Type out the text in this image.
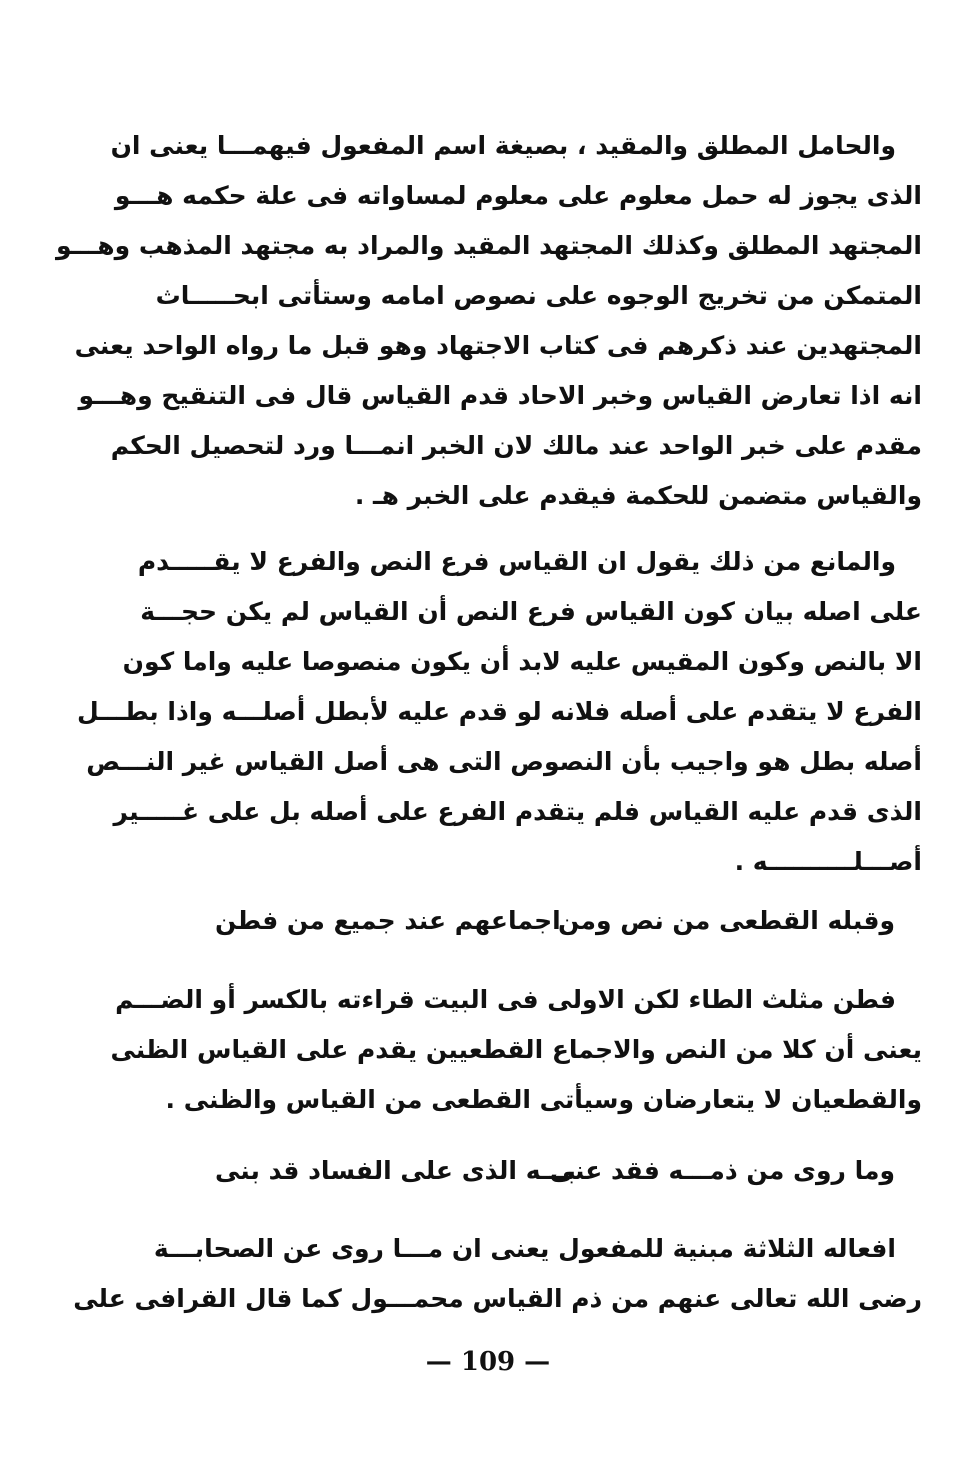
والحامل المطلق والمقيد ، بصيغة اسم المفعول فيهمـــا يعنى ان
الذى يجوز له حمل معلوم على معلوم لمساواته فى علة حكمه هـــو
المجتهد المطلق وكذلك المجتهد المقيد والمراد به مجتهد المذهب وهـــو
المتمكن من تخريج الوجوه على نصوص امامه وستأتى ابحـــــاث
المجتهدين عند ذكرهم فى كتاب الاجتهاد وهو قبل ما رواه الواحد يعنى
انه اذا تعارض القياس وخبر الاحاد قدم القياس قال فى التنقيح وهـــو
مقدم على خبر الواحد عند مالك لان الخبر انمـــا ورد لتحصيل الحكم
والقياس متضمن للحكمة فيقدم على الخبر هـ .
والمانع من ذلك يقول ان القياس فرع النص والفرع لا يقـــــدم
على اصله بيان كون القياس فرع النص أن القياس لم يكن حجـــة
الا بالنص وكون المقيس عليه لابد أن يكون منصوصا عليه واما كون
الفرع لا يتقدم على أصله فلانه لو قدم عليه لأبطل أصلـــه واذا بطـــل
أصله بطل هو واجيب بأن النصوص التى هى أصل القياس غير النـــص
الذى قدم عليه القياس فلم يتقدم الفرع على أصله بل على غـــــير
أصـــلــــــــــه .
وقبله القطعى من نص ومن
اجماعهم عند جميع من فطن
فطن مثلث الطاء لكن الاولى فى البيت قراءته بالكسر أو الضـــم
يعنى أن كلا من النص والاجماع القطعيين يقدم على القياس الظنى
والقطعيان لا يتعارضان وسيأتى القطعى من القياس والظنى .
وما روى من ذمـــه فقد عنى
بـــه الذى على الفساد قد بنى
افعاله الثلاثة مبنية للمفعول يعنى ان مـــا روى عن الصحابـــة
رضى الله تعالى عنهم من ذم القياس محمـــول كما قال القرافى على
— 109 —
